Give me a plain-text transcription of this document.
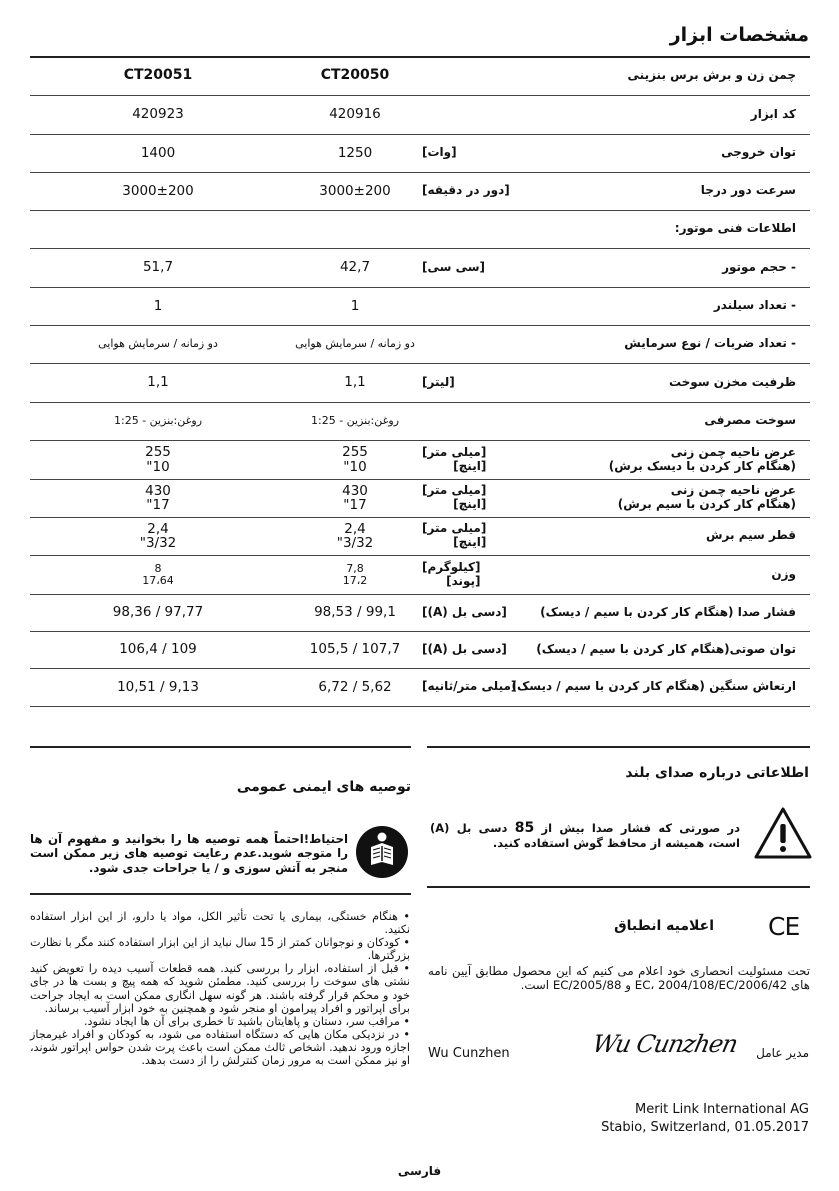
مشخصات ابزار
چمن زن و برش برس بنزینی
CT20050
CT20051
کد ابزار
420916
420923
توان خروجی
[وات]
1250
1400
سرعت دور درجا
[دور در دقیقه]
3000±200
3000±200
اطلاعات فنی موتور:
- حجم موتور
[سی سی]
42,7
51,7
- تعداد سیلندر
1
1
- تعداد ضربات / نوع سرمایش
دو زمانه / سرمایش هوایی
دو زمانه / سرمایش هوایی
ظرفیت مخزن سوخت
[لیتر]
1,1
1,1
سوخت مصرفی
روغن:بنزین - 1:25
روغن:بنزین - 1:25
عرض ناحیه چمن زنی
(هنگام کار کردن با دیسک برش)
[میلی متر]
[اینچ]
255
"10
255
"10
عرض ناحیه چمن زنی
(هنگام کار کردن با سیم برش)
[میلی متر]
[اینچ]
430
"17
430
"17
قطر سیم برش
[میلی متر]
[اینچ]
2,4
"3/32
2,4
"3/32
وزن
[کیلوگرم]
[پوند]
7,8
17،2
8
17،64
فشار صدا (هنگام کار کردن با سیم / دیسک)
[دسی بل (A)]
98,53 / 99,1
98,36 / 97,77
توان صوتی(هنگام کار کردن با سیم / دیسک)
[دسی بل (A)]
105,5 / 107,7
106,4 / 109
ارتعاش سنگین (هنگام کار کردن با سیم / دیسک)
[میلی متر/ثانیه]
6,72 / 5,62
10,51 / 9,13
اطلاعاتی درباره صدای بلند
در صورتی که فشار صدا بیش از 85 دسی بل (A) است، همیشه از محافظ گوش استفاده کنید.
توصیه های ایمنی عمومی
احتیاط!احتماً همه توصیه ها را بخوانید و مفهوم آن ها را متوجه شوید.عدم رعایت توصیه های زیر ممکن است منجر به آتش سوزی و / یا جراحات جدی شود.

• هنگام خستگی، بیماری یا تحت تأثیر الکل، مواد یا دارو، از این ابزار استفاده نکنید.

• کودکان و نوجوانان کمتر از 15 سال نباید از این ابزار استفاده کنند مگر با نظارت بزرگترها.

• قبل از استفاده، ابزار را بررسی کنید. همه قطعات آسیب دیده را تعویض کنید نشتی های سوخت را بررسی کنید. مطمئن شوید که همه پیچ و بست ها در جای خود و محکم قرار گرفته باشند. هر گونه سهل انگاری ممکن است به ایجاد جراحت برای اپراتور و افراد پیرامون او منجر شود و همچنین به خود ابزار آسیب برساند.

• مراقب سر، دستان و پاهایتان باشید تا خطری برای آن ها ایجاد نشود.

• در نزدیکی مکان هایی که دستگاه استفاده می شود، به کودکان و افراد غیرمجاز اجازه ورود ندهید. اشخاص ثالث ممکن است باعث پرت شدن حواس اپراتور شوند، او نیز ممکن است به مرور زمان کنترلش را از دست بدهد.

CE
اعلامیه انطباق
تحت مسئولیت انحصاری خود اعلام می کنیم که این محصول مطابق آیین نامه های 2006/42/EC، 2004/108/EC و 2005/88/EC است.
مدیر عامل
Wu Cunzhen
Wu Cunzhen
Merit Link International AG
Stabio, Switzerland, 01.05.2017
فارسی
